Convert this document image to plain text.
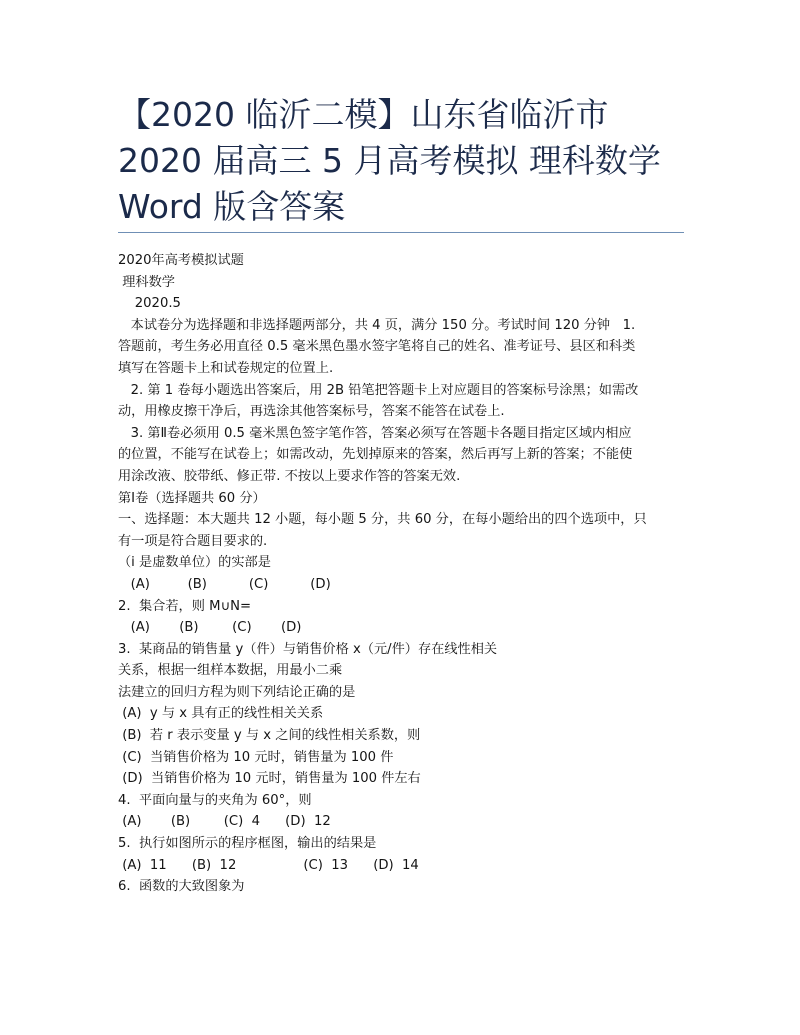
【2020 临沂二模】山东省临沂市
2020 届高三 5 月高考模拟 理科数学
Word 版含答案

2020年高考模拟试题

理科数学

2020.5

本试卷分为选择题和非选择题两部分，共 4 页，满分 150 分。考试时间 120 分钟   1.

答题前，考生务必用直径 0.5 毫米黑色墨水签字笔将自己的姓名、准考证号、县区和科类

填写在答题卡上和试卷规定的位置上.

2. 第 1 卷每小题选出答案后，用 2B 铅笔把答题卡上对应题目的答案标号涂黑；如需改

动，用橡皮擦干净后，再选涂其他答案标号，答案不能答在试卷上.

3. 第Ⅱ卷必须用 0.5 毫米黑色签字笔作答，答案必须写在答题卡各题目指定区域内相应

的位置，不能写在试卷上；如需改动，先划掉原来的答案，然后再写上新的答案；不能使

用涂改液、胶带纸、修正带. 不按以上要求作答的答案无效.

第Ⅰ卷（选择题共 60 分）

一、选择题：本大题共 12 小题，每小题 5 分，共 60 分，在每小题给出的四个选项中，只

有一项是符合题目要求的.

（i 是虚数单位）的实部是

(A)         (B)          (C)          (D)

2.  集合若，则 M∪N=

(A)       (B)        (C)       (D)

3.  某商品的销售量 y（件）与销售价格 x（元/件）存在线性相关

关系，根据一组样本数据，用最小二乘

法建立的回归方程为则下列结论正确的是

(A)  y 与 x 具有正的线性相关关系

(B)  若 r 表示变量 y 与 x 之间的线性相关系数，则

(C)  当销售价格为 10 元时，销售量为 100 件

(D)  当销售价格为 10 元时，销售量为 100 件左右

4.  平面向量与的夹角为 60°，则

(A)       (B)        (C)  4      (D)  12

5.  执行如图所示的程序框图，输出的结果是

(A)  11      (B)  12                (C)  13      (D)  14

6.  函数的大致图象为
